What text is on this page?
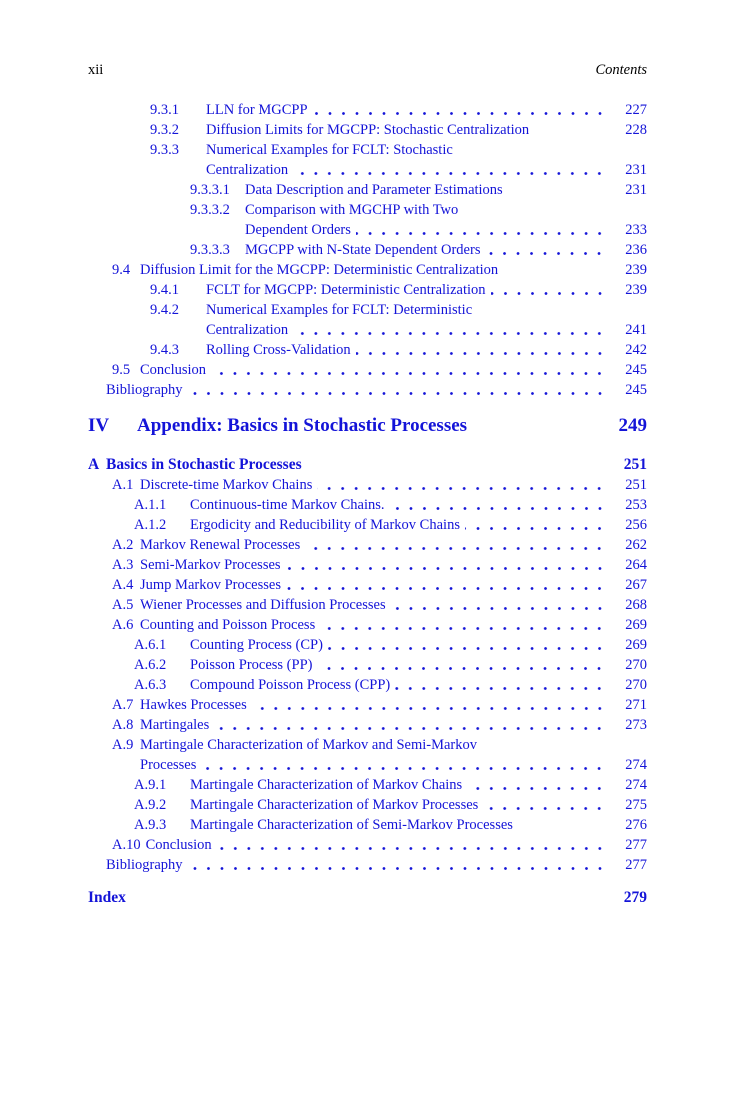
xii	Contents
9.3.1	LLN for MGCPP	227
9.3.2	Diffusion Limits for MGCPP: Stochastic Centralization	228
9.3.3	Numerical Examples for FCLT: Stochastic
Centralization	231
9.3.3.1	Data Description and Parameter Estimations	231
9.3.3.2	Comparison with MGCHP with Two
Dependent Orders	233
9.3.3.3	MGCPP with N-State Dependent Orders	236
9.4 Diffusion Limit for the MGCPP: Deterministic Centralization	239
9.4.1	FCLT for MGCPP: Deterministic Centralization	239
9.4.2	Numerical Examples for FCLT: Deterministic
Centralization	241
9.4.3	Rolling Cross-Validation	242
9.5 Conclusion	245
Bibliography	245
IV	Appendix: Basics in Stochastic Processes	249
A Basics in Stochastic Processes	251
A.1 Discrete-time Markov Chains	251
A.1.1	Continuous-time Markov Chains.	253
A.1.2	Ergodicity and Reducibility of Markov Chains	256
A.2 Markov Renewal Processes	262
A.3 Semi-Markov Processes	264
A.4 Jump Markov Processes	267
A.5 Wiener Processes and Diffusion Processes	268
A.6 Counting and Poisson Process	269
A.6.1	Counting Process (CP)	269
A.6.2	Poisson Process (PP)	270
A.6.3	Compound Poisson Process (CPP)	270
A.7 Hawkes Processes	271
A.8 Martingales	273
A.9 Martingale Characterization of Markov and Semi-Markov
Processes	274
A.9.1	Martingale Characterization of Markov Chains	274
A.9.2	Martingale Characterization of Markov Processes	275
A.9.3	Martingale Characterization of Semi-Markov Processes	276
A.10 Conclusion	277
Bibliography	277
Index	279
